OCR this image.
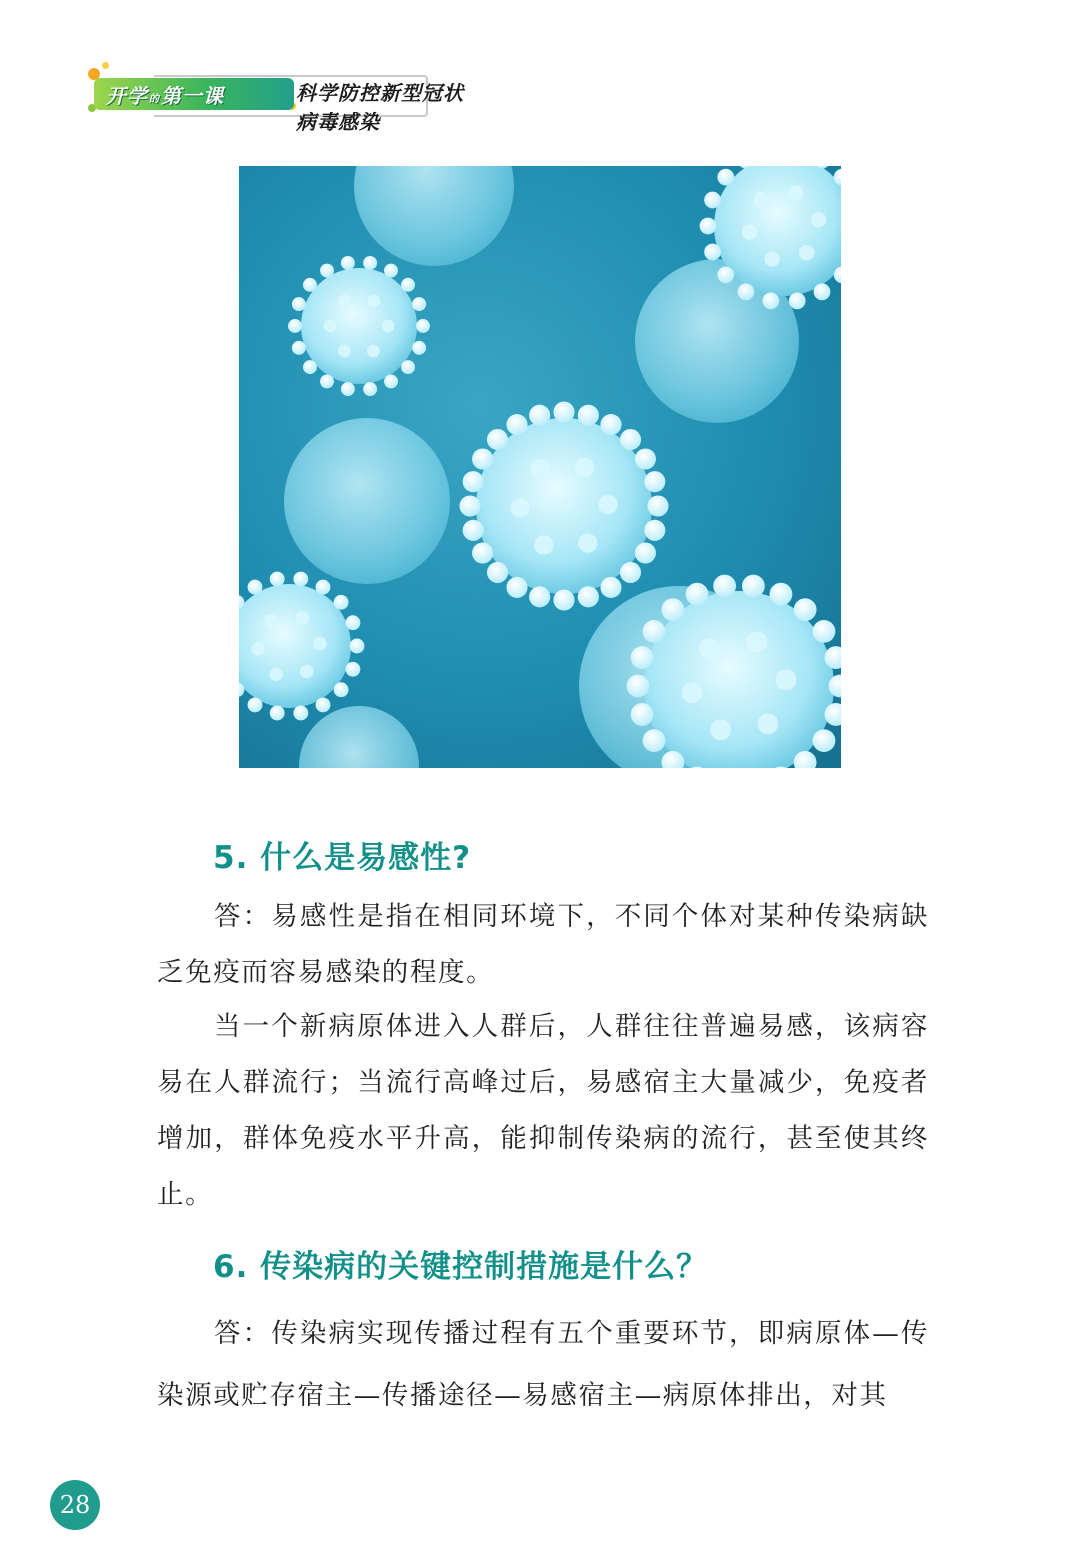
开学的第一课	科学防控新型冠状病毒感染
5. 什么是易感性?
答：易感性是指在相同环境下，不同个体对某种传染病缺乏免疫而容易感染的程度。
当一个新病原体进入人群后，人群往往普遍易感，该病容易在人群流行；当流行高峰过后，易感宿主大量减少，免疫者增加，群体免疫水平升高，能抑制传染病的流行，甚至使其终止。
6. 传染病的关键控制措施是什么？
答：传染病实现传播过程有五个重要环节，即病原体—传染源或贮存宿主—传播途径—易感宿主—病原体排出，对其
28
